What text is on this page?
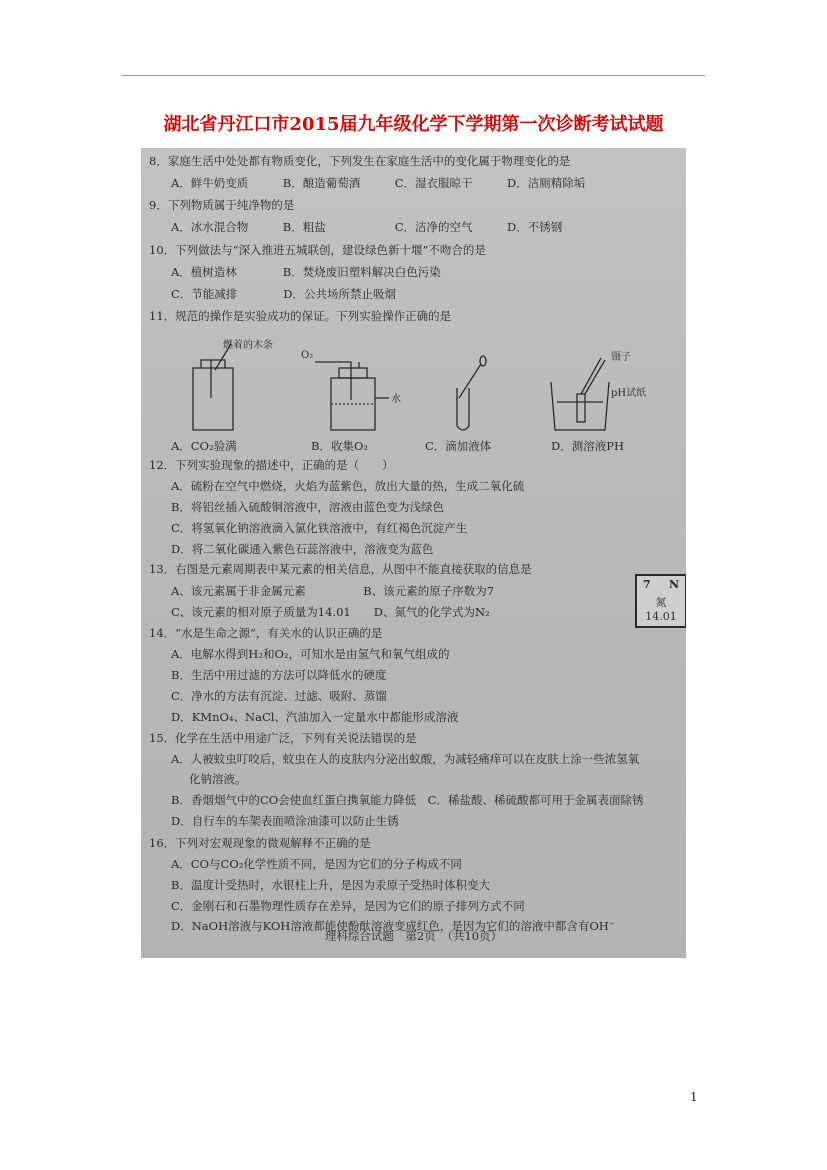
湖北省丹江口市2015届九年级化学下学期第一次诊断考试试题
8．家庭生活中处处都有物质变化，下列发生在家庭生活中的变化属于物理变化的是
A．鲜牛奶变质　　　B．酿造葡萄酒　　　C．湿衣服晾干　　　D．洁厕精除垢
9．下列物质属于纯净物的是
A．冰水混合物　　　B．粗盐　　　　　　C．洁净的空气　　　D．不锈钢
10．下列做法与“深入推进五城联创，建设绿色新十堰”不吻合的是
A．植树造林　　　　B．焚烧废旧塑料解决白色污染
C．节能减排　　　　D．公共场所禁止吸烟
11．规范的操作是实验成功的保证。下列实验操作正确的是
燃着的木条
O₂
水
镊子
pH试纸
A．CO₂验满	B．收集O₂	C．滴加液体	D．测溶液PH
12．下列实验现象的描述中，正确的是（　　）
A．硫粉在空气中燃烧，火焰为蓝紫色，放出大量的热，生成二氧化硫
B．将铝丝插入硫酸铜溶液中，溶液由蓝色变为浅绿色
C．将氢氧化钠溶液滴入氯化铁溶液中，有红褐色沉淀产生
D．将二氧化碳通入紫色石蕊溶液中，溶液变为蓝色
13．右图是元素周期表中某元素的相关信息，从图中不能直接获取的信息是
A、该元素属于非金属元素　　　　　B、该元素的原子序数为7
C、该元素的相对原子质量为14.01　　D、氮气的化学式为N₂
14．“水是生命之源”，有关水的认识正确的是
A．电解水得到H₂和O₂，可知水是由氢气和氧气组成的
B．生活中用过滤的方法可以降低水的硬度
C．净水的方法有沉淀、过滤、吸附、蒸馏
D．KMnO₄、NaCl、汽油加入一定量水中都能形成溶液
15．化学在生活中用途广泛，下列有关说法错误的是
A．人被蚊虫叮咬后，蚊虫在人的皮肤内分泌出蚁酸，为减轻痛痒可以在皮肤上涂一些浓氢氧
化钠溶液。
B．香烟烟气中的CO会使血红蛋白携氧能力降低　C．稀盐酸、稀硫酸都可用于金属表面除锈
D．自行车的车架表面喷涂油漆可以防止生锈
16．下列对宏观现象的微观解释不正确的是
A．CO与CO₂化学性质不同，是因为它们的分子构成不同
B．温度计受热时，水银柱上升，是因为汞原子受热时体积变大
C．金刚石和石墨物理性质存在差异，是因为它们的原子排列方式不同
D．NaOH溶液与KOH溶液都能使酚酞溶液变成红色，是因为它们的溶液中都含有OH⁻
7 N
氮
14.01
理科综合试题　第2页　（共10页）
1
